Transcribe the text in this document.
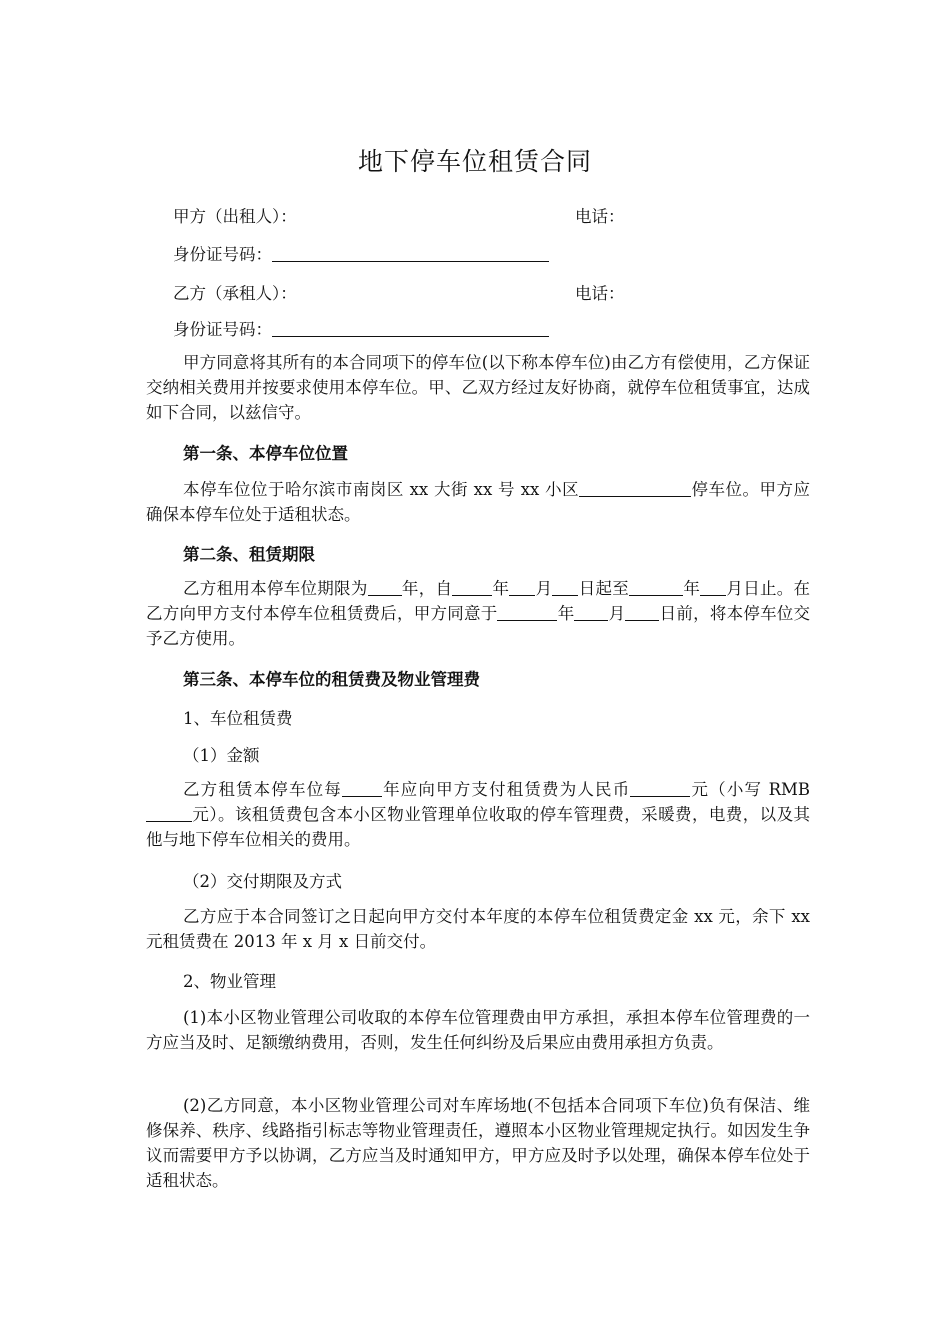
地下停车位租赁合同
甲方（出租人）：	电话：
身份证号码：
乙方（承租人）：	电话：
身份证号码：
甲方同意将其所有的本合同项下的停车位(以下称本停车位)由乙方有偿使用，乙方保证交纳相关费用并按要求使用本停车位。甲、乙双方经过友好协商，就停车位租赁事宜，达成如下合同，以兹信守。
第一条、本停车位位置
本停车位位于哈尔滨市南岗区 xx 大街 xx 号 xx 小区	停车位。甲方应确保本停车位处于适租状态。
第二条、租赁期限
乙方租用本停车位期限为 年，自 年 月 日起至	年 月日止。在乙方向甲方支付本停车位租赁费后，甲方同意于	年 月 日前，将本停车位交予乙方使用。
第三条、本停车位的租赁费及物业管理费
1、车位租赁费
（1）金额
乙方租赁本停车位每 年应向甲方支付租赁费为人民币	元（小写 RMB元）。该租赁费包含本小区物业管理单位收取的停车管理费，采暖费，电费，以及其他与地下停车位相关的费用。
（2）交付期限及方式
乙方应于本合同签订之日起向甲方交付本年度的本停车位租赁费定金 xx 元，余下 xx 元租赁费在 2013 年 x 月 x 日前交付。
2、物业管理
(1)本小区物业管理公司收取的本停车位管理费由甲方承担，承担本停车位管理费的一方应当及时、足额缴纳费用，否则，发生任何纠纷及后果应由费用承担方负责。
(2)乙方同意，本小区物业管理公司对车库场地(不包括本合同项下车位)负有保洁、维修保养、秩序、线路指引标志等物业管理责任，遵照本小区物业管理规定执行。如因发生争议而需要甲方予以协调，乙方应当及时通知甲方，甲方应及时予以处理，确保本停车位处于适租状态。
